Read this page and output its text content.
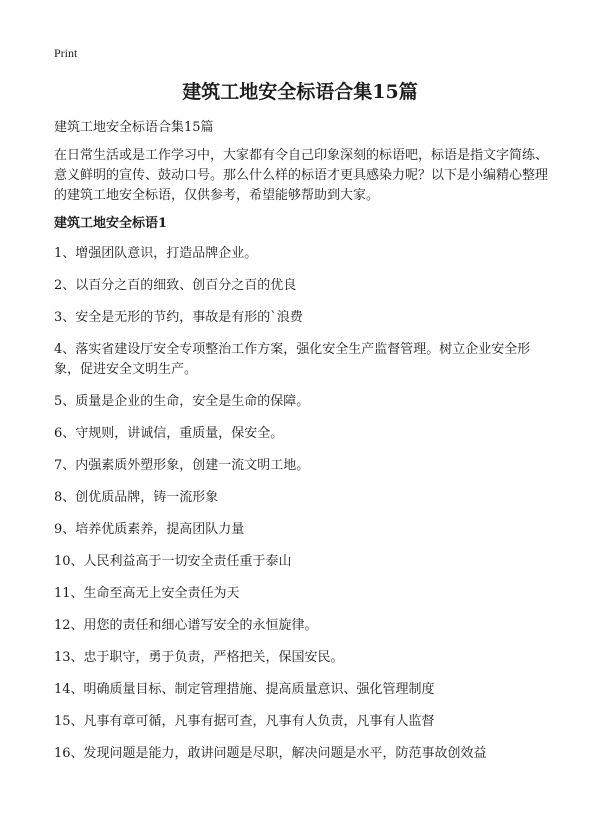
Print
建筑工地安全标语合集15篇

建筑工地安全标语合集15篇

在日常生活或是工作学习中，大家都有令自己印象深刻的标语吧，标语是指文字简练、意义鲜明的宣传、鼓动口号。那么什么样的标语才更具感染力呢？以下是小编精心整理的建筑工地安全标语，仅供参考，希望能够帮助到大家。

建筑工地安全标语1

1、增强团队意识，打造品牌企业。
2、以百分之百的细致、创百分之百的优良
3、安全是无形的节约，事故是有形的`浪费
4、落实省建设厅安全专项整治工作方案，强化安全生产监督管理。树立企业安全形象，促进安全文明生产。
5、质量是企业的生命，安全是生命的保障。
6、守规则，讲诚信，重质量，保安全。
7、内强素质外塑形象，创建一流文明工地。
8、创优质品牌，铸一流形象
9、培养优质素养，提高团队力量
10、人民利益高于一切安全责任重于泰山
11、生命至高无上安全责任为天
12、用您的责任和细心谱写安全的永恒旋律。
13、忠于职守，勇于负责，严格把关，保国安民。
14、明确质量目标、制定管理措施、提高质量意识、强化管理制度
15、凡事有章可循，凡事有据可查，凡事有人负责，凡事有人监督
16、发现问题是能力，敢讲问题是尽职，解决问题是水平，防范事故创效益
